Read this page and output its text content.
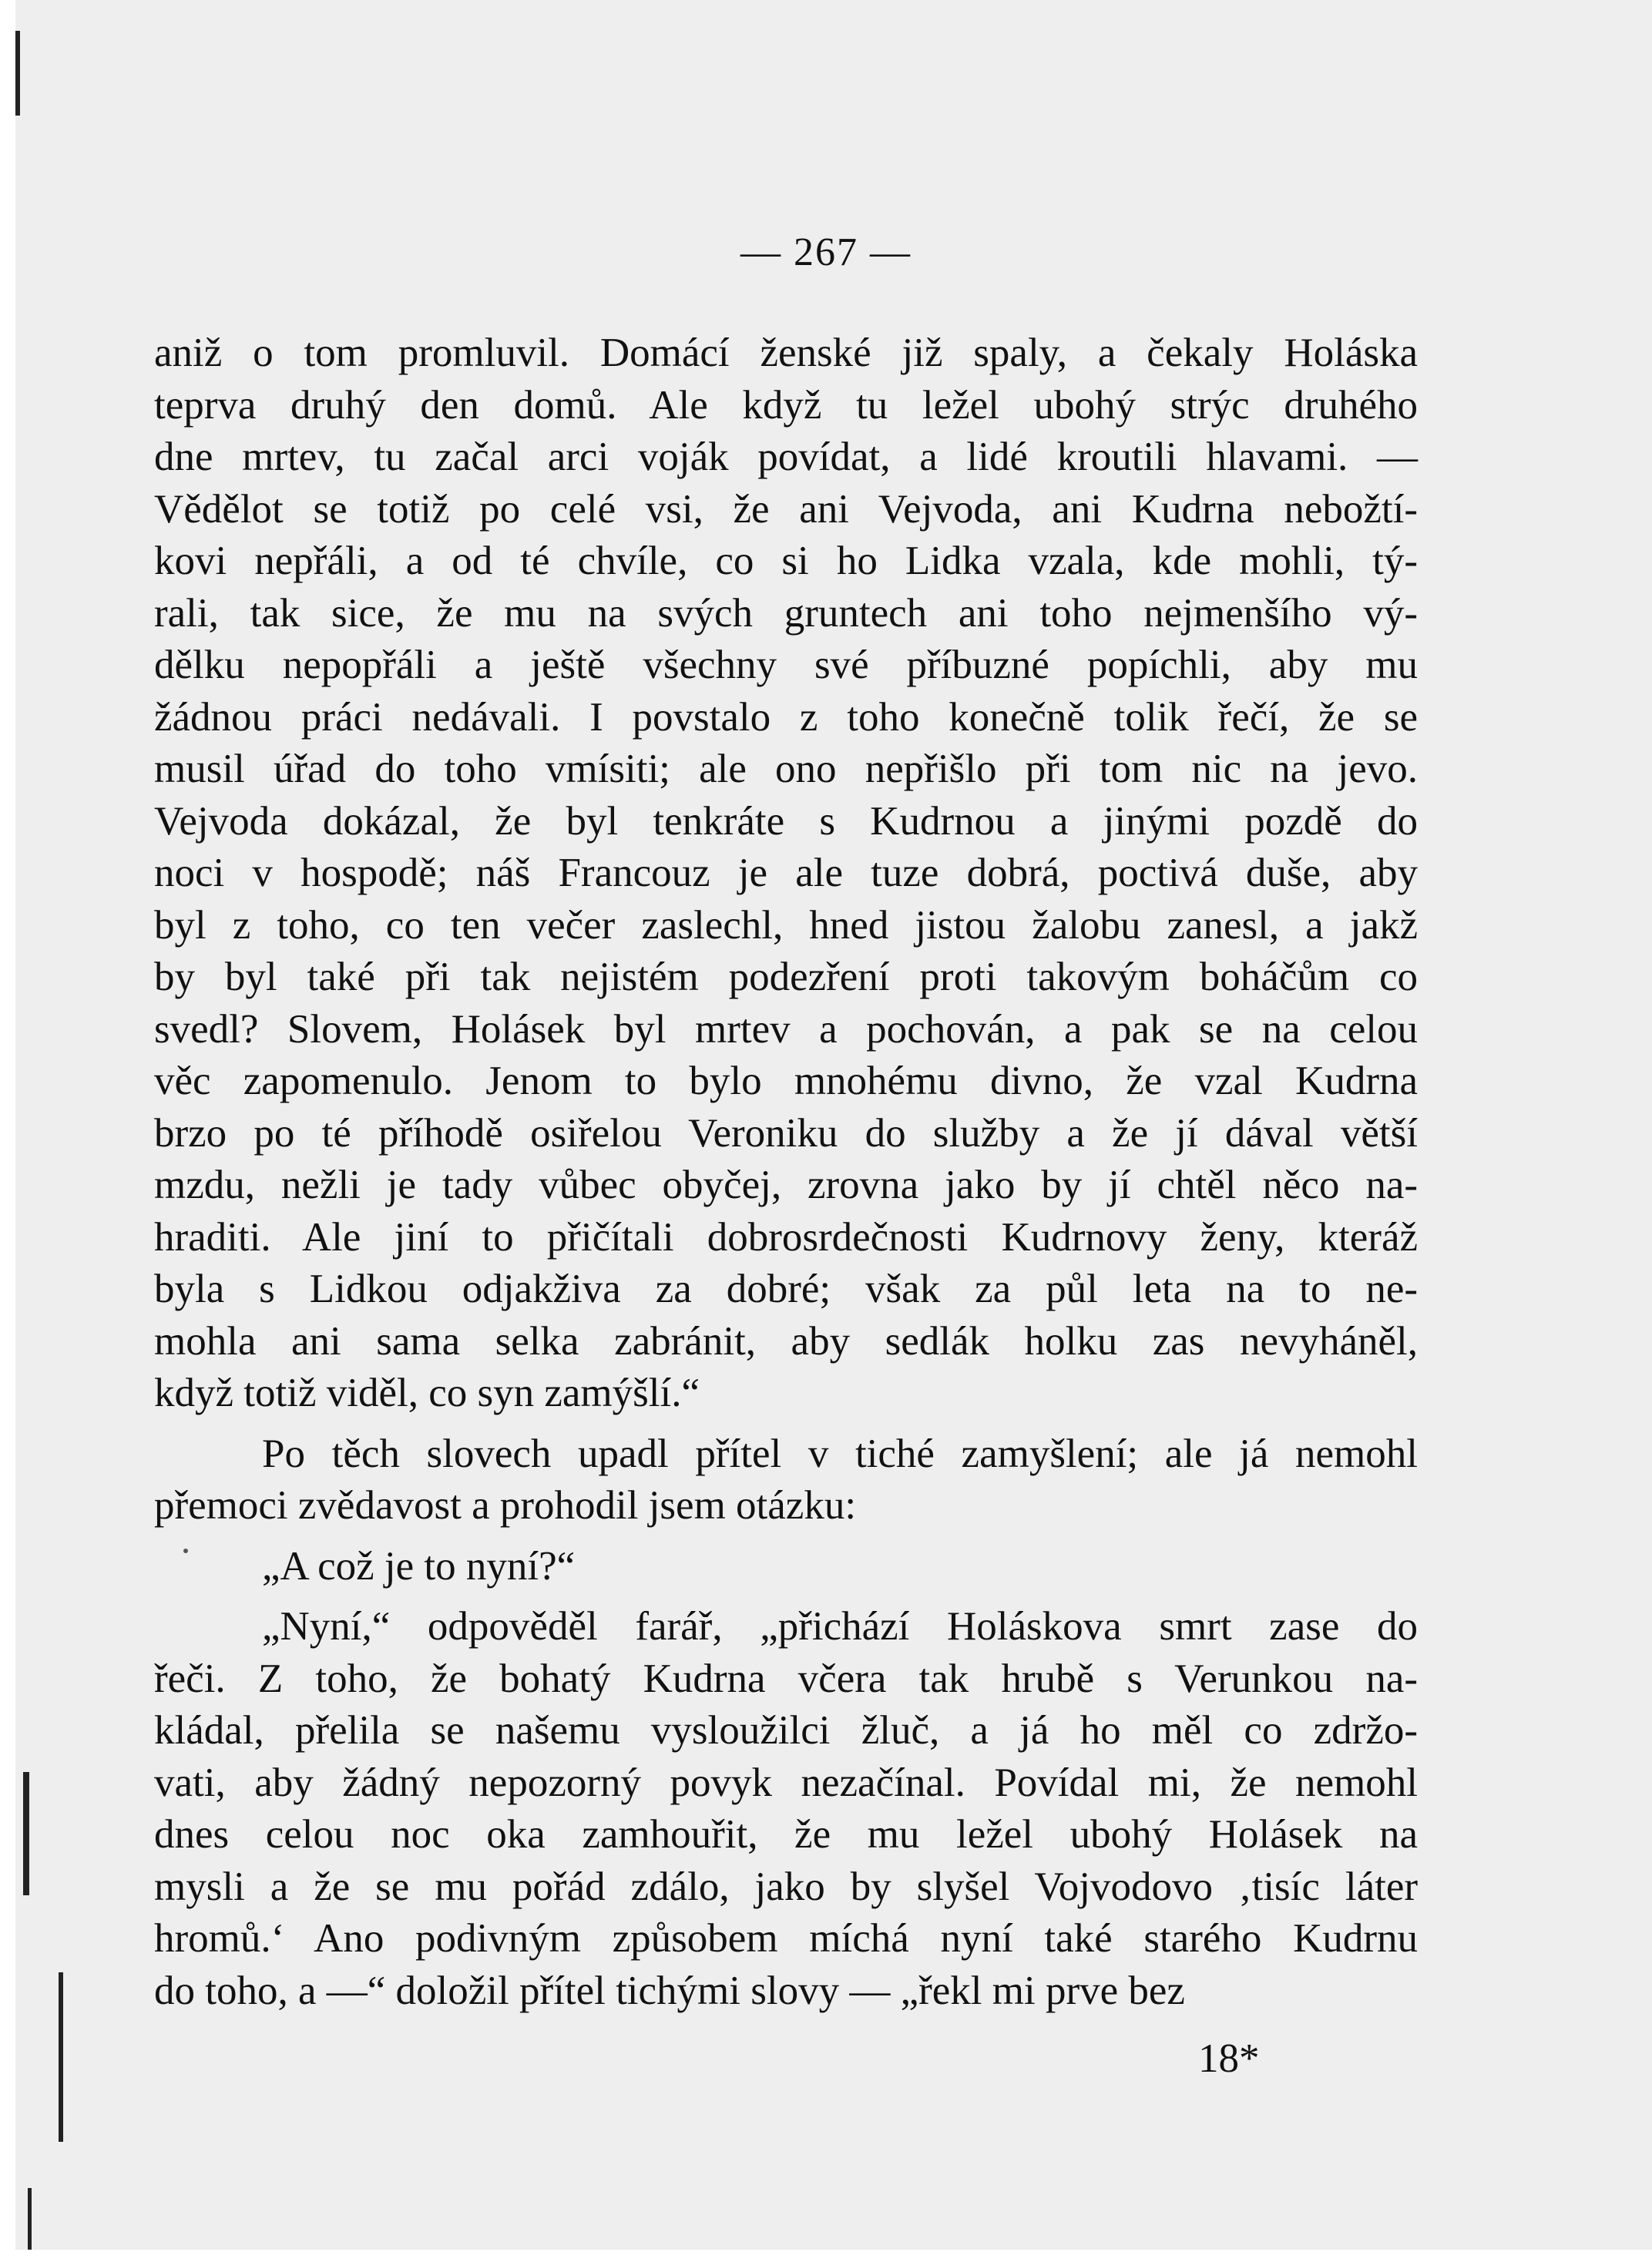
— 267 —

aniž o tom promluvil. Domácí ženské již spaly, a čekaly Holáska
teprva druhý den domů. Ale když tu ležel ubohý strýc druhého
dne mrtev, tu začal arci voják povídat, a lidé kroutili hlavami. —
Vědělot se totiž po celé vsi, že ani Vejvoda, ani Kudrna nebožtí-
kovi nepřáli, a od té chvíle, co si ho Lidka vzala, kde mohli, tý-
rali, tak sice, že mu na svých gruntech ani toho nejmenšího vý-
dělku nepopřáli a ještě všechny své příbuzné popíchli, aby mu
žádnou práci nedávali. I povstalo z toho konečně tolik řečí, že se
musil úřad do toho vmísiti; ale ono nepřišlo při tom nic na jevo.
Vejvoda dokázal, že byl tenkráte s Kudrnou a jinými pozdě do
noci v hospodě; náš Francouz je ale tuze dobrá, poctivá duše, aby
byl z toho, co ten večer zaslechl, hned jistou žalobu zanesl, a jakž
by byl také při tak nejistém podezření proti takovým boháčům co
svedl? Slovem, Holásek byl mrtev a pochován, a pak se na celou
věc zapomenulo. Jenom to bylo mnohému divno, že vzal Kudrna
brzo po té příhodě osiřelou Veroniku do služby a že jí dával větší
mzdu, nežli je tady vůbec obyčej, zrovna jako by jí chtěl něco na-
hraditi. Ale jiní to přičítali dobrosrdečnosti Kudrnovy ženy, kteráž
byla s Lidkou odjakživa za dobré; však za půl leta na to ne-
mohla ani sama selka zabránit, aby sedlák holku zas nevyháněl,
když totiž viděl, co syn zamýšlí.“

Po těch slovech upadl přítel v tiché zamyšlení; ale já nemohl
přemoci zvědavost a prohodil jsem otázku:

„A což je to nyní?“

„Nyní,“ odpověděl farář, „přichází Holáskova smrt zase do
řeči. Z toho, že bohatý Kudrna včera tak hrubě s Verunkou na-
kládal, přelila se našemu vysloužilci žluč, a já ho měl co zdržo-
vati, aby žádný nepozorný povyk nezačínal. Povídal mi, že nemohl
dnes celou noc oka zamhouřit, že mu ležel ubohý Holásek na
mysli a že se mu pořád zdálo, jako by slyšel Vojvodovo ‚tisíc láter
hromů.‘ Ano podivným způsobem míchá nyní také starého Kudrnu
do toho, a —“ doložil přítel tichými slovy — „řekl mi prve bez

18*
